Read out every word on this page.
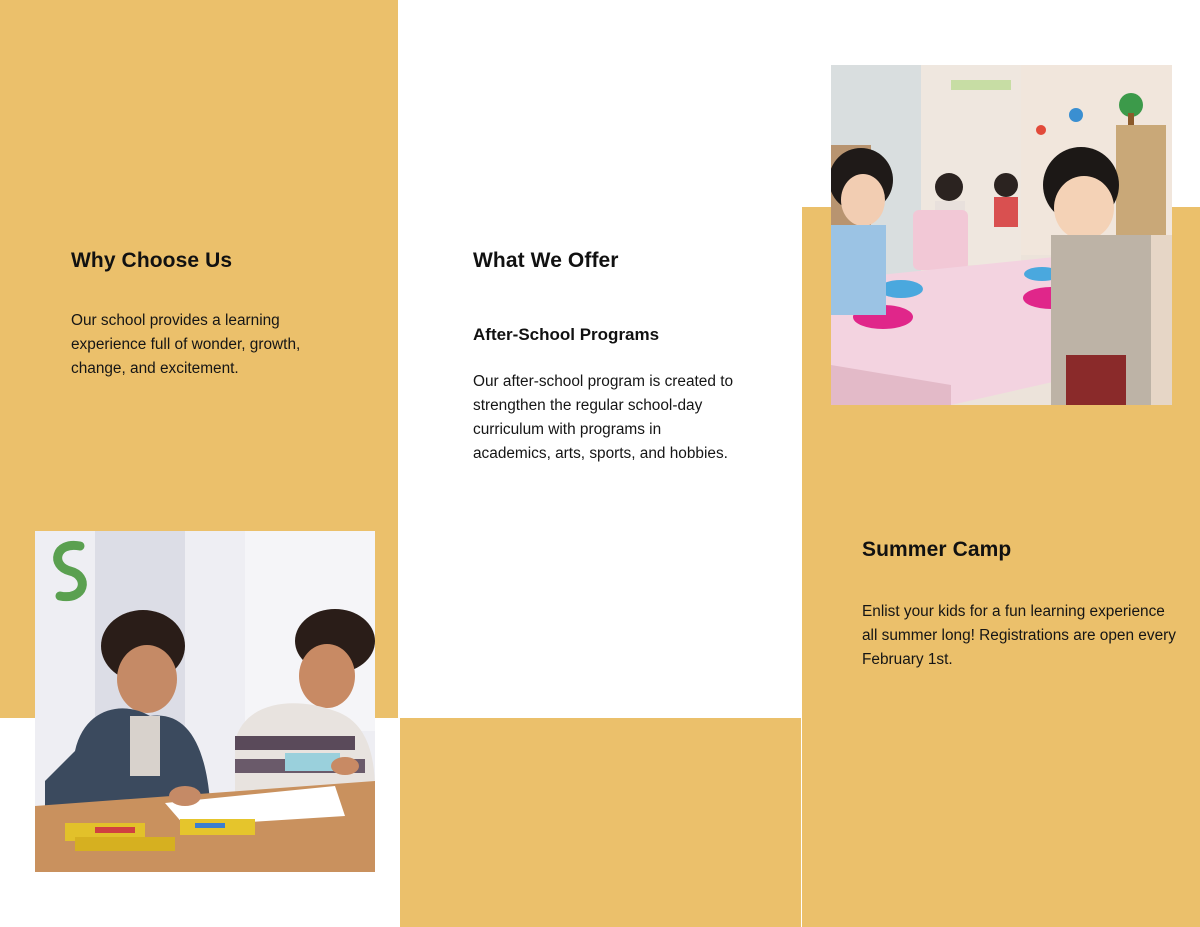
Why Choose Us
Our school provides a learning experience full of wonder, growth, change, and excitement.
What We Offer
After-School Programs
Our after-school program is created to strengthen the regular school-day curriculum with programs in academics, arts, sports, and hobbies.
Summer Camp
Enlist your kids for a fun learning experience all summer long! Registrations are open every February 1st.
